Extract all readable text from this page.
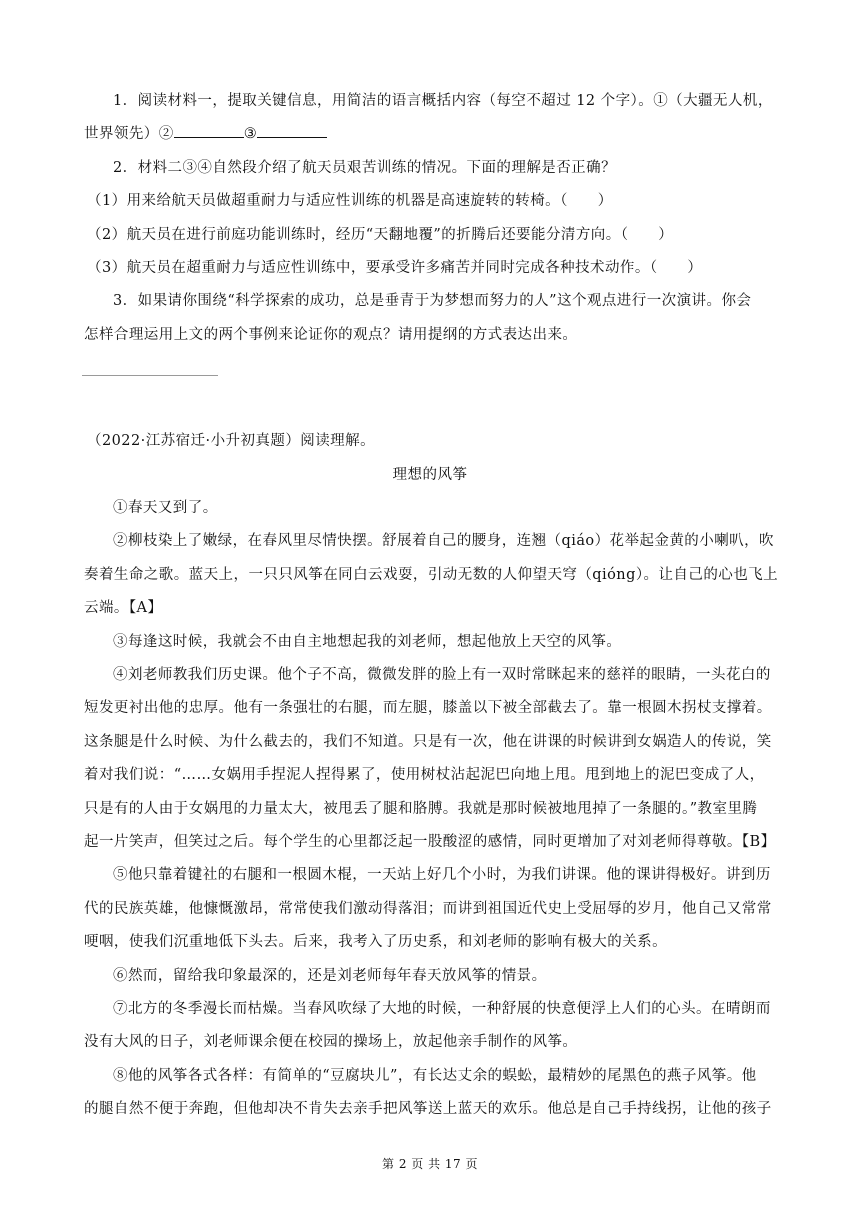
1．阅读材料一，提取关键信息，用简洁的语言概括内容（每空不超过 12 个字）。①（大疆无人机，
世界领先）②	③
2．材料二③④自然段介绍了航天员艰苦训练的情况。下面的理解是否正确？
（1）用来给航天员做超重耐力与适应性训练的机器是高速旋转的转椅。（　　）
（2）航天员在进行前庭功能训练时，经历“天翻地覆”的折腾后还要能分清方向。（　　）
（3）航天员在超重耐力与适应性训练中，要承受许多痛苦并同时完成各种技术动作。（　　）
3．如果请你围绕“科学探索的成功，总是垂青于为梦想而努力的人”这个观点进行一次演讲。你会
怎样合理运用上文的两个事例来论证你的观点？请用提纲的方式表达出来。
（2022·江苏宿迁·小升初真题）阅读理解。
理想的风筝
①春天又到了。
②柳枝染上了嫩绿，在春风里尽情快摆。舒展着自己的腰身，连翘（qiáo）花举起金黄的小喇叭，吹
奏着生命之歌。蓝天上，一只只风筝在同白云戏耍，引动无数的人仰望天穹（qióng）。让自己的心也飞上
云端。【A】
③每逢这时候，我就会不由自主地想起我的刘老师，想起他放上天空的风筝。
④刘老师教我们历史课。他个子不高，微微发胖的脸上有一双时常眯起来的慈祥的眼睛，一头花白的
短发更衬出他的忠厚。他有一条强壮的右腿，而左腿，膝盖以下被全部截去了。靠一根圆木拐杖支撑着。
这条腿是什么时候、为什么截去的，我们不知道。只是有一次，他在讲课的时候讲到女娲造人的传说，笑
着对我们说：“……女娲用手捏泥人捏得累了，使用树杖沾起泥巴向地上甩。甩到地上的泥巴变成了人，
只是有的人由于女娲甩的力量太大，被甩丢了腿和胳膊。我就是那时候被地甩掉了一条腿的。”教室里腾
起一片笑声，但笑过之后。每个学生的心里都泛起一股酸涩的感情，同时更增加了对刘老师得尊敬。【B】
⑤他只靠着键社的右腿和一根圆木棍，一天站上好几个小时，为我们讲课。他的课讲得极好。讲到历
代的民族英雄，他慷慨激昂，常常使我们激动得落泪；而讲到祖国近代史上受屈辱的岁月，他自己又常常
哽咽，使我们沉重地低下头去。后来，我考入了历史系，和刘老师的影响有极大的关系。
⑥然而，留给我印象最深的，还是刘老师每年春天放风筝的情景。
⑦北方的冬季漫长而枯燥。当春风吹绿了大地的时候，一种舒展的快意便浮上人们的心头。在晴朗而
没有大风的日子，刘老师课余便在校园的操场上，放起他亲手制作的风筝。
⑧他的风筝各式各样：有简单的“豆腐块儿”，有长达丈余的蜈蚣，最精妙的尾黑色的燕子风筝。他
的腿自然不便于奔跑，但他却决不肯失去亲手把风筝送上蓝天的欢乐。他总是自己手持线拐，让他的孩子
第 2 页 共 17 页
